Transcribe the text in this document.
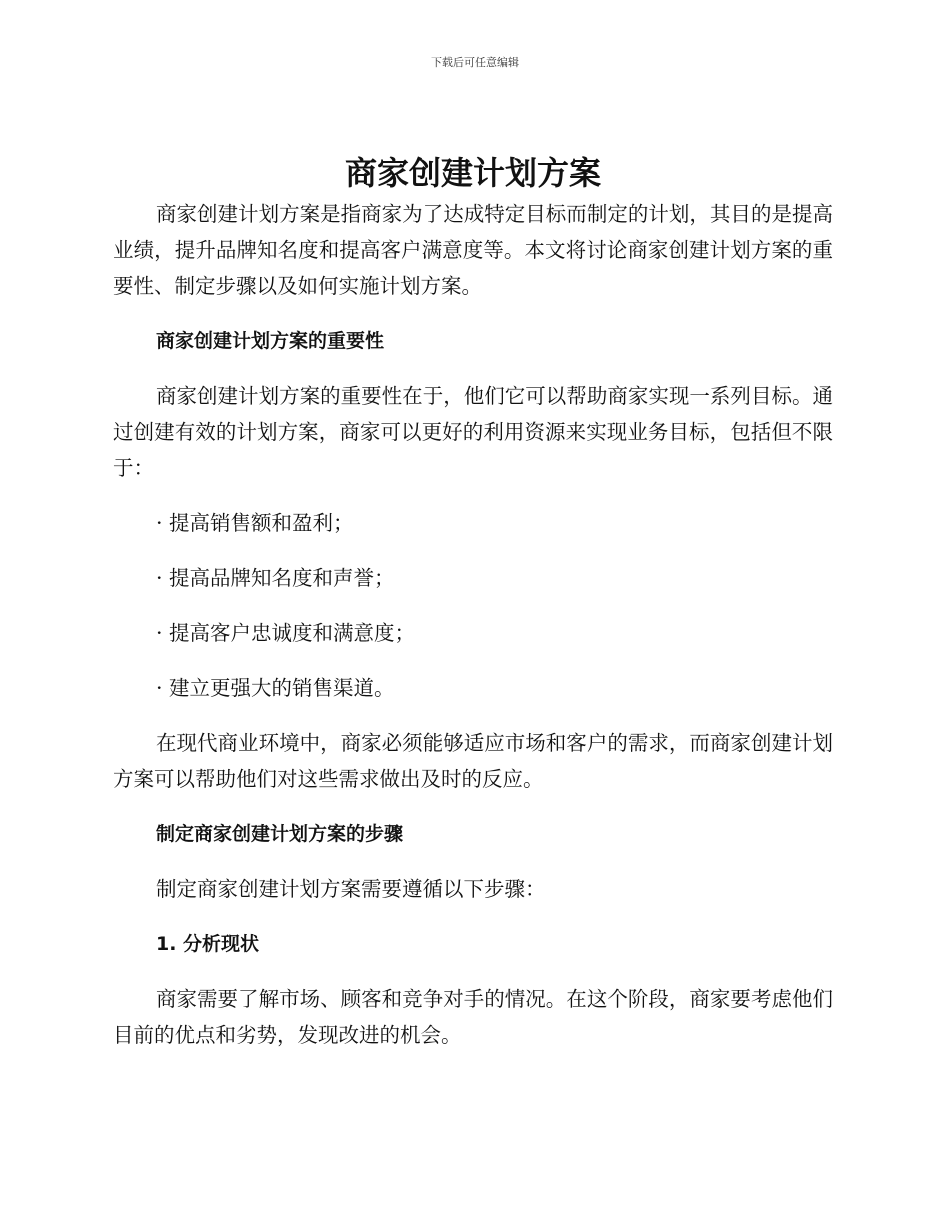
下载后可任意编辑
商家创建计划方案

商家创建计划方案是指商家为了达成特定目标而制定的计划，其目的是提高业绩，提升品牌知名度和提高客户满意度等。本文将讨论商家创建计划方案的重要性、制定步骤以及如何实施计划方案。

商家创建计划方案的重要性

商家创建计划方案的重要性在于，他们它可以帮助商家实现一系列目标。通过创建有效的计划方案，商家可以更好的利用资源来实现业务目标，包括但不限于：

· 提高销售额和盈利；

· 提高品牌知名度和声誉；

· 提高客户忠诚度和满意度；

· 建立更强大的销售渠道。

在现代商业环境中，商家必须能够适应市场和客户的需求，而商家创建计划方案可以帮助他们对这些需求做出及时的反应。

制定商家创建计划方案的步骤

制定商家创建计划方案需要遵循以下步骤：

1. 分析现状

商家需要了解市场、顾客和竞争对手的情况。在这个阶段，商家要考虑他们目前的优点和劣势，发现改进的机会。
